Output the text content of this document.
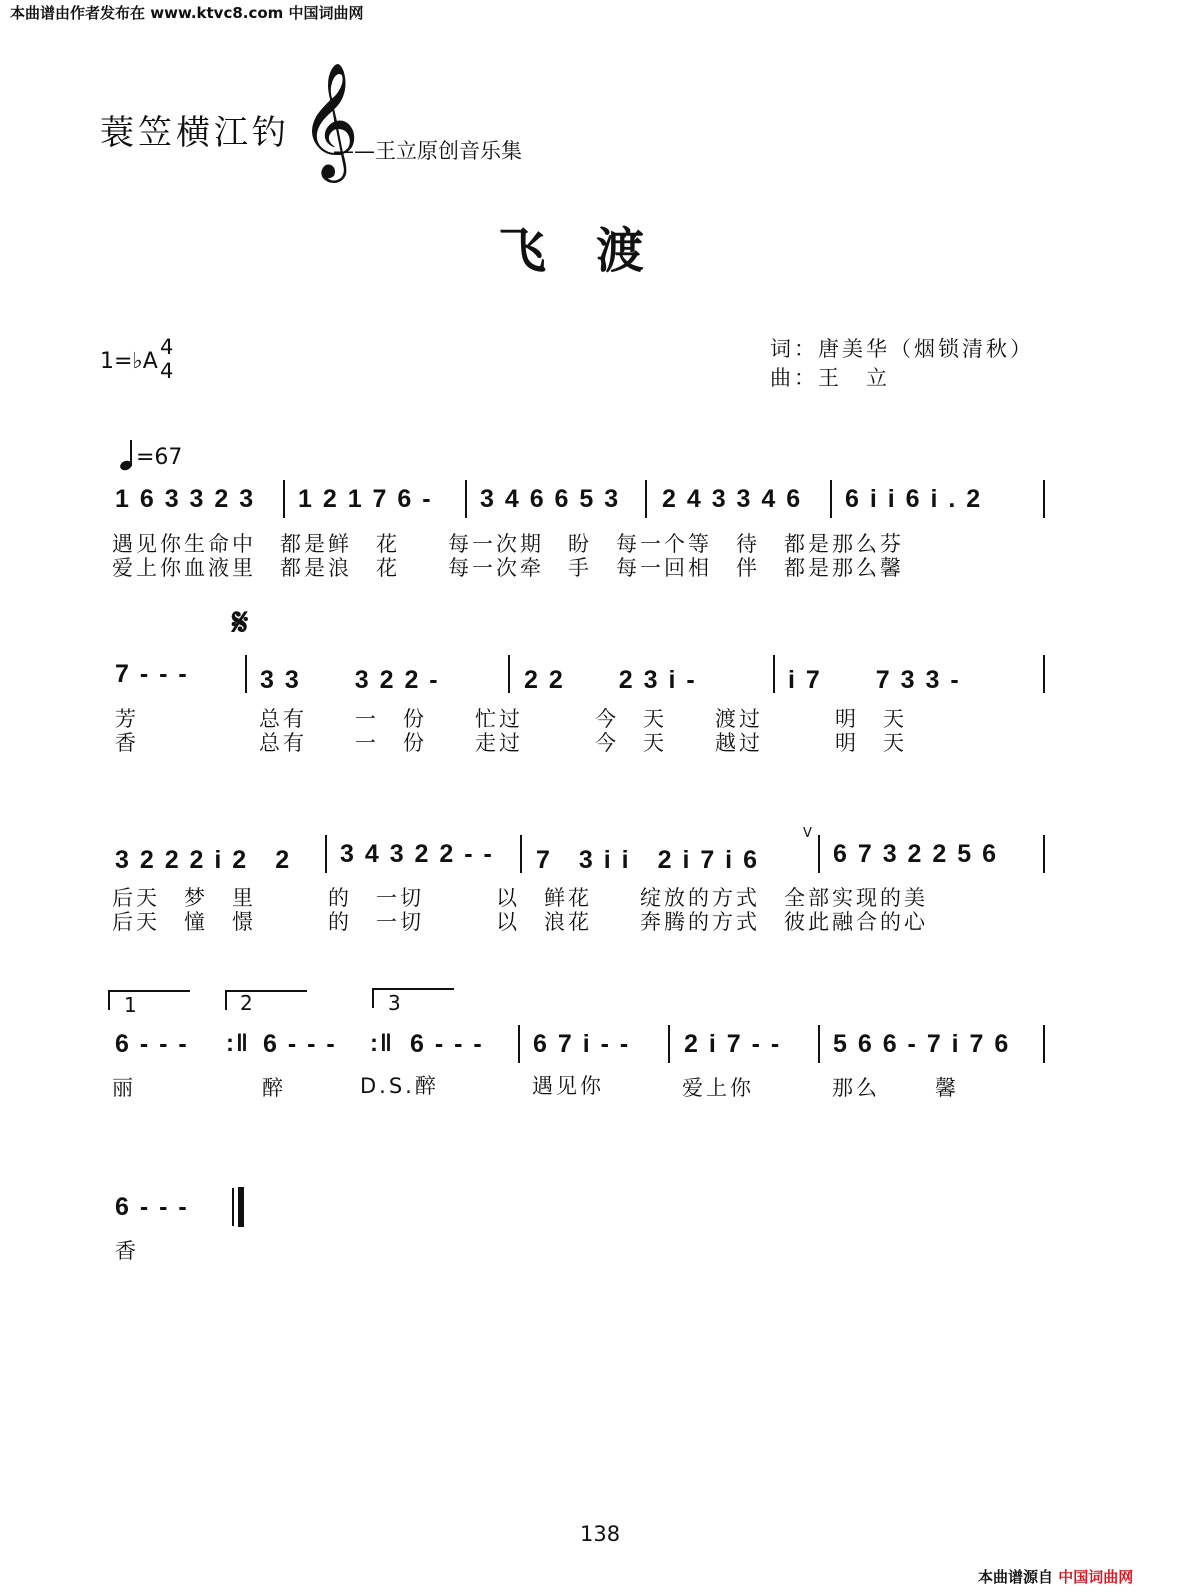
本曲谱由作者发布在 www.ktvc8.com 中国词曲网
蓑笠横江钓 𝄞
——王立原创音乐集
飞渡
1=♭A
4
4
词：唐美华（烟锁清秋）
曲：王　立
=67
1 6 3 3 2 3 1 2 1 7 6 - 3 4 6 6 5 3 2 4 3 3 4 6 6 i i 6 i . 2
遇见你生命中　都是鲜　花　　每一次期　盼　每一个等　待　都是那么芬
爱上你血液里　都是浪　花　　每一次牵　手　每一回相　伴　都是那么馨
𝄋
7 - - -	3 3　　3 2 2 -	2 2　　2 3 i -	i 7　　7 3 3 -
芳　　　　　总有　　一　份　　忙过　　　今　天　　渡过　　　明　天
香　　　　　总有　　一　份　　走过　　　今　天　　越过　　　明　天
3 2 2 2 i 2　2 3 4 3 2 2 - - 7　3 i i　2 i 7 i 6
V
6 7 3 2 2 5 6
后天　梦　里　　　的　一切　　　以　鲜花　　绽放的方式　全部实现的美
后天　憧　憬　　　的　一切　　　以　浪花　　奔腾的方式　彼此融合的心
1	2	3
6 - - - :‖ 6 - - - :‖ 6 - - - 6 7 i - - 2 i 7 - - 5 6 6 - 7 i 7 6
丽	醉	D.S.醉	遇见你	爱上你	那么	馨
6 - - -
香
138
本曲谱源自 中国词曲网
